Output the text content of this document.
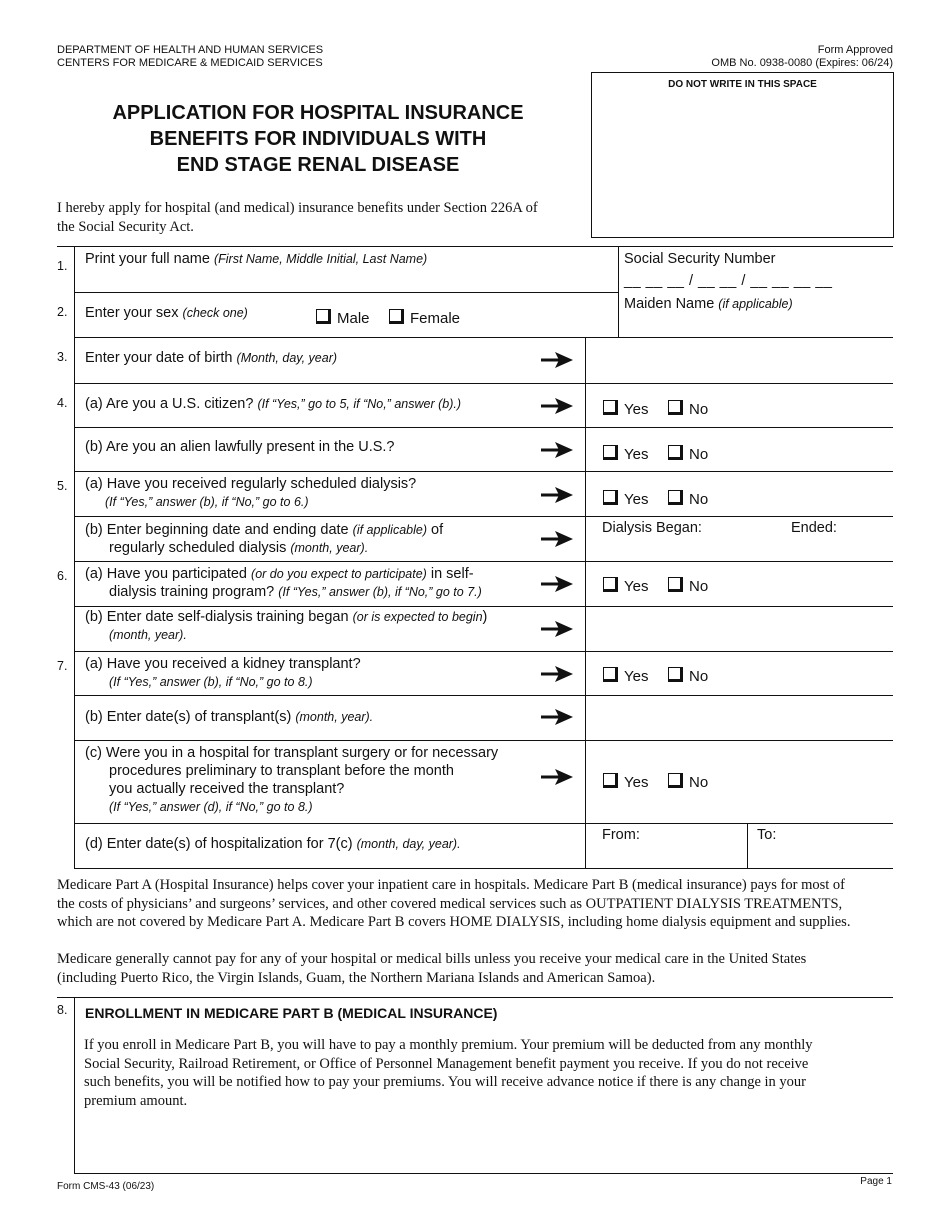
DEPARTMENT OF HEALTH AND HUMAN SERVICES
CENTERS FOR MEDICARE & MEDICAID SERVICES
Form Approved
OMB No. 0938-0080 (Expires: 06/24)
DO NOT WRITE IN THIS SPACE
APPLICATION FOR HOSPITAL INSURANCE
BENEFITS FOR INDIVIDUALS WITH
END STAGE RENAL DISEASE
I hereby apply for hospital (and medical) insurance benefits under Section 226A of
the Social Security Act.
1. Print your full name (First Name, Middle Initial, Last Name)	Social Security Number
__ __ __ / __ __ / __ __ __ __
2. Enter your sex (check one)	Male	Female
Maiden Name (if applicable)
3. Enter your date of birth (Month, day, year)
4. (a) Are you a U.S. citizen? (If “Yes,” go to 5, if “No,” answer (b).)	Yes	No
(b) Are you an alien lawfully present in the U.S.?	Yes	No
5. (a) Have you received regularly scheduled dialysis?
(If “Yes,” answer (b), if “No,” go to 6.)	Yes	No
(b) Enter beginning date and ending date (if applicable) of
regularly scheduled dialysis (month, year).
Dialysis Began:	Ended:
6. (a) Have you participated (or do you expect to participate) in self-
dialysis training program? (If “Yes,” answer (b), if “No,” go to 7.)	Yes	No
(b) Enter date self-dialysis training began (or is expected to begin)
(month, year).
7. (a) Have you received a kidney transplant?
(If “Yes,” answer (b), if “No,” go to 8.)	Yes	No
(b) Enter date(s) of transplant(s) (month, year).
(c) Were you in a hospital for transplant surgery or for necessary
procedures preliminary to transplant before the month
you actually received the transplant?
(If “Yes,” answer (d), if “No,” go to 8.)
Yes	No
(d) Enter date(s) of hospitalization for 7(c) (month, day, year).
From:	To:
Medicare Part A (Hospital Insurance) helps cover your inpatient care in hospitals. Medicare Part B (medical insurance) pays for most of
the costs of physicians’ and surgeons’ services, and other covered medical services such as OUTPATIENT DIALYSIS TREATMENTS,
which are not covered by Medicare Part A. Medicare Part B covers HOME DIALYSIS, including home dialysis equipment and supplies.
Medicare generally cannot pay for any of your hospital or medical bills unless you receive your medical care in the United States
(including Puerto Rico, the Virgin Islands, Guam, the Northern Mariana Islands and American Samoa).
8. ENROLLMENT IN MEDICARE PART B (MEDICAL INSURANCE)
If you enroll in Medicare Part B, you will have to pay a monthly premium. Your premium will be deducted from any monthly
Social Security, Railroad Retirement, or Office of Personnel Management benefit payment you receive. If you do not receive
such benefits, you will be notified how to pay your premiums. You will receive advance notice if there is any change in your
premium amount.
Form CMS-43 (06/23)	Page 1
